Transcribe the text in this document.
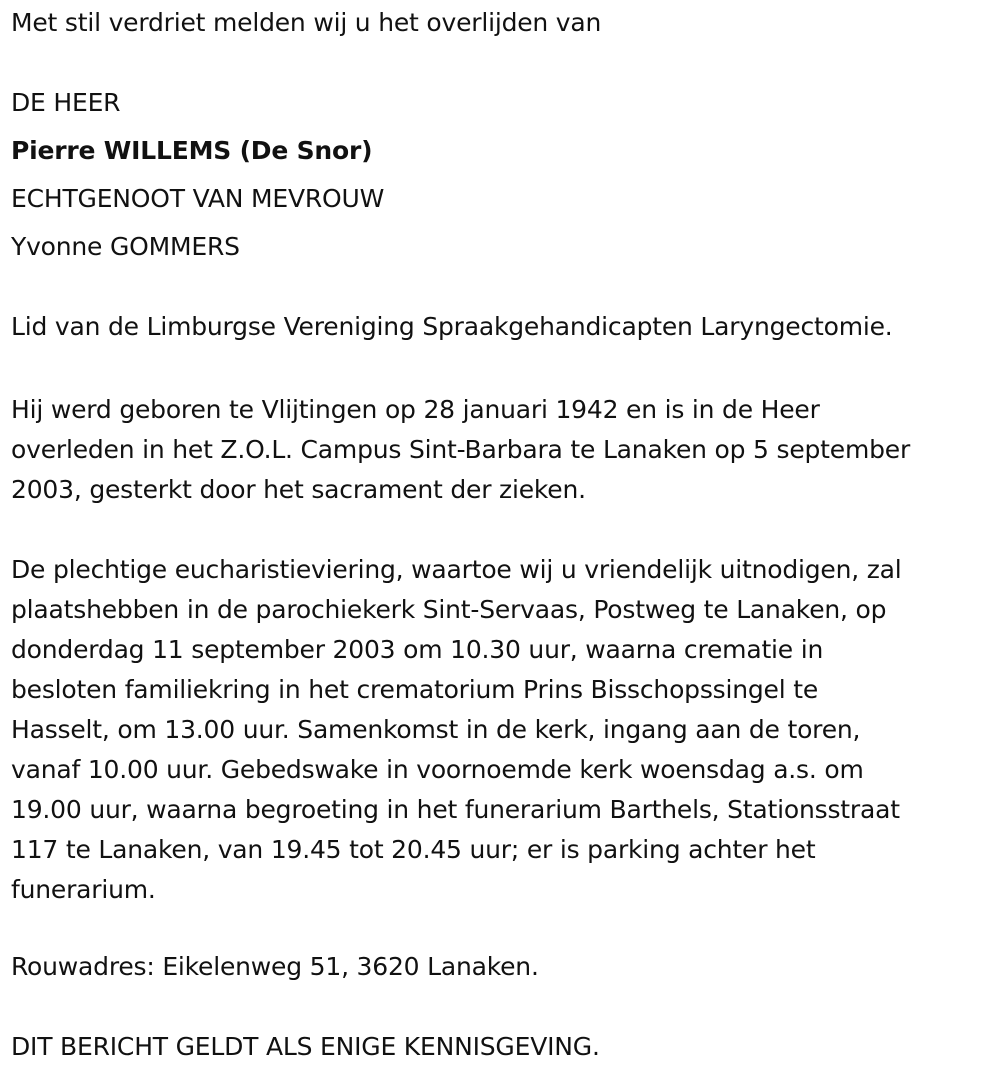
Met stil verdriet melden wij u het overlijden van
DE HEER
Pierre WILLEMS (De Snor)
ECHTGENOOT VAN MEVROUW
Yvonne GOMMERS
Lid van de Limburgse Vereniging Spraakgehandicapten Laryngectomie.
Hij werd geboren te Vlijtingen op 28 januari 1942 en is in de Heer
overleden in het Z.O.L. Campus Sint-Barbara te Lanaken op 5 september
2003, gesterkt door het sacrament der zieken.
De plechtige eucharistieviering, waartoe wij u vriendelijk uitnodigen, zal
plaatshebben in de parochiekerk Sint-Servaas, Postweg te Lanaken, op
donderdag 11 september 2003 om 10.30 uur, waarna crematie in
besloten familiekring in het crematorium Prins Bisschopssingel te
Hasselt, om 13.00 uur. Samenkomst in de kerk, ingang aan de toren,
vanaf 10.00 uur. Gebedswake in voornoemde kerk woensdag a.s. om
19.00 uur, waarna begroeting in het funerarium Barthels, Stationsstraat
117 te Lanaken, van 19.45 tot 20.45 uur; er is parking achter het
funerarium.
Rouwadres: Eikelenweg 51, 3620 Lanaken.
DIT BERICHT GELDT ALS ENIGE KENNISGEVING.
